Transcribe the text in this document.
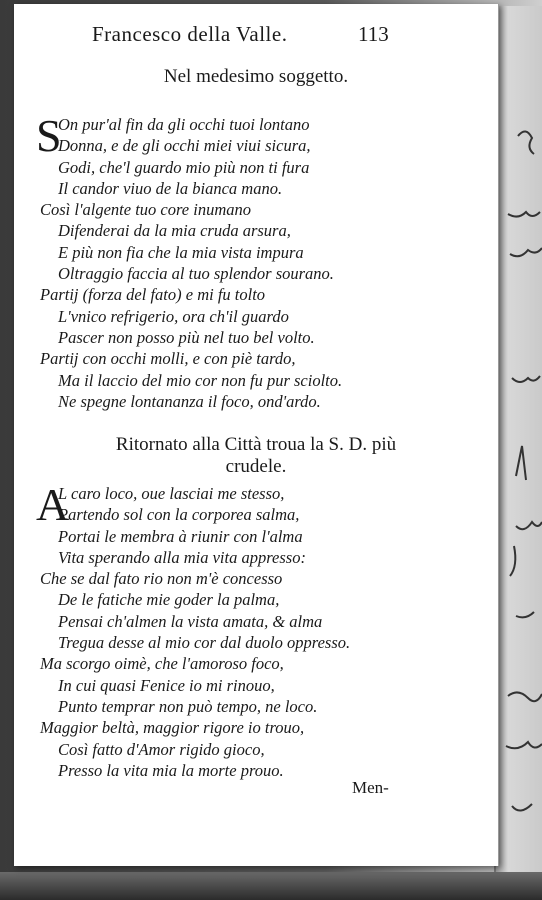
Francesco della Valle.	113
Nel medesimo soggetto.
S
On pur'al fin da gli occhi tuoi lontano
Donna, e de gli occhi miei viui sicura,
Godi, che'l guardo mio più non ti fura
Il candor viuo de la bianca mano.
Così l'algente tuo core inumano
Difenderai da la mia cruda arsura,
E più non fia che la mia vista impura
Oltraggio faccia al tuo splendor sourano.
Partij (forza del fato) e mi fu tolto
L'vnico refrigerio, ora ch'il guardo
Pascer non posso più nel tuo bel volto.
Partij con occhi molli, e con piè tardo,
Ma il laccio del mio cor non fu pur sciolto.
Ne spegne lontananza il foco, ond'ardo.
Ritornato alla Città troua la S. D. più
crudele.
A
L caro loco, oue lasciai me stesso,
Partendo sol con la corporea salma,
Portai le membra à riunir con l'alma
Vita sperando alla mia vita appresso:
Che se dal fato rio non m'è concesso
De le fatiche mie goder la palma,
Pensai ch'almen la vista amata, & alma
Tregua desse al mio cor dal duolo oppresso.
Ma scorgo oimè, che l'amoroso foco,
In cui quasi Fenice io mi rinouo,
Punto temprar non può tempo, ne loco.
Maggior beltà, maggior rigore io trouo,
Così fatto d'Amor rigido gioco,
Presso la vita mia la morte prouo.
Men-
